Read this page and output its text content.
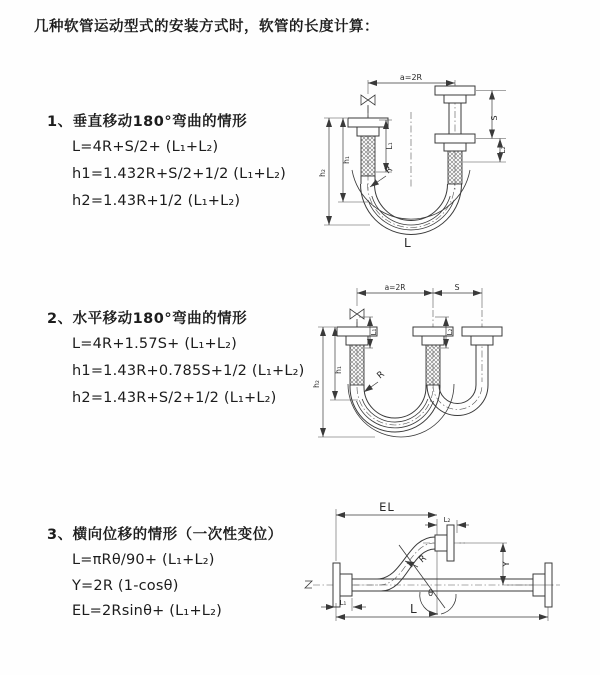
几种软管运动型式的安装方式时，软管的长度计算：
1、垂直移动180°弯曲的情形
L=4R+S/2+ (L₁+L₂)
h1=1.432R+S/2+1/2 (L₁+L₂)
h2=1.43R+1/2 (L₁+L₂)
2、水平移动180°弯曲的情形
L=4R+1.57S+ (L₁+L₂)
h1=1.43R+0.785S+1/2 (L₁+L₂)
h2=1.43R+S/2+1/2 (L₁+L₂)
3、横向位移的情形（一次性变位）
L=πRθ/90+ (L₁+L₂)
Y=2R (1-cosθ)
EL=2Rsinθ+ (L₁+L₂)
a=2R
S
L₂
h₂
h₁
L₁
R
L
a=2R	S
h₂
h₁
L₁	L₂
R
EL
L₂
Y
L
L₁
R
θ
